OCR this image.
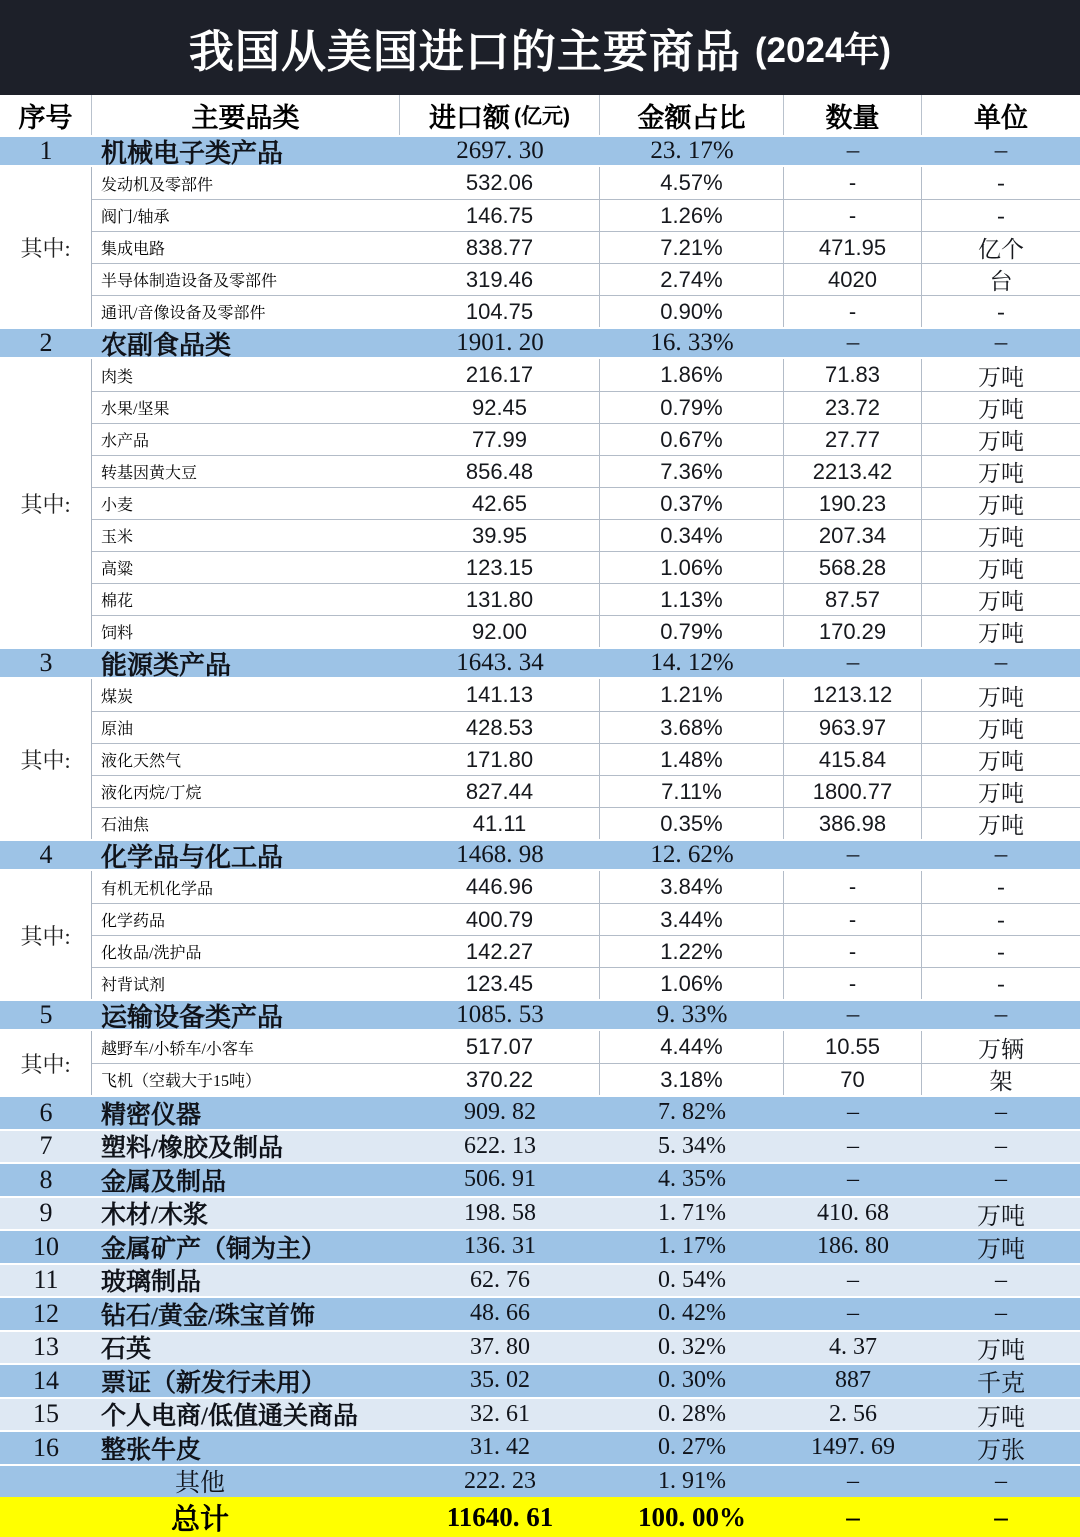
我国从美国进口的主要商品 (2024年)
序号	主要品类	进口额 (亿元)	金额占比	数量	单位
1	机械电子类产品	2697. 30	23. 17%	–	–
其中:
发动机及零部件	532.06	4.57%	-	-
阀门/轴承	146.75	1.26%	-	-
集成电路	838.77	7.21%	471.95	亿个
半导体制造设备及零部件	319.46	2.74%	4020	台
通讯/音像设备及零部件	104.75	0.90%	-	-
2	农副食品类	1901. 20	16. 33%	–	–
其中:
肉类	216.17	1.86%	71.83	万吨
水果/坚果	92.45	0.79%	23.72	万吨
水产品	77.99	0.67%	27.77	万吨
转基因黄大豆	856.48	7.36%	2213.42	万吨
小麦	42.65	0.37%	190.23	万吨
玉米	39.95	0.34%	207.34	万吨
高粱	123.15	1.06%	568.28	万吨
棉花	131.80	1.13%	87.57	万吨
饲料	92.00	0.79%	170.29	万吨
3	能源类产品	1643. 34	14. 12%	–	–
其中:
煤炭	141.13	1.21%	1213.12	万吨
原油	428.53	3.68%	963.97	万吨
液化天然气	171.80	1.48%	415.84	万吨
液化丙烷/丁烷	827.44	7.11%	1800.77	万吨
石油焦	41.11	0.35%	386.98	万吨
4	化学品与化工品	1468. 98	12. 62%	–	–
其中:
有机无机化学品	446.96	3.84%	-	-
化学药品	400.79	3.44%	-	-
化妆品/洗护品	142.27	1.22%	-	-
衬背试剂	123.45	1.06%	-	-
5	运输设备类产品	1085. 53	9. 33%	–	–
其中:
越野车/小轿车/小客车	517.07	4.44%	10.55	万辆
飞机（空载大于15吨）	370.22	3.18%	70	架
6	精密仪器	909. 82	7. 82%	–	–
7	塑料/橡胶及制品	622. 13	5. 34%	–	–
8	金属及制品	506. 91	4. 35%	–	–
9	木材/木浆	198. 58	1. 71%	410. 68	万吨
10	金属矿产（铜为主）	136. 31	1. 17%	186. 80	万吨
11	玻璃制品	62. 76	0. 54%	–	–
12	钻石/黄金/珠宝首饰	48. 66	0. 42%	–	–
13	石英	37. 80	0. 32%	4. 37	万吨
14	票证（新发行未用）	35. 02	0. 30%	887	千克
15	个人电商/低值通关商品	32. 61	0. 28%	2. 56	万吨
16	整张牛皮	31. 42	0. 27%	1497. 69	万张
其他	222. 23	1. 91%	–	–
总计	11640. 61	100. 00%	–	–
